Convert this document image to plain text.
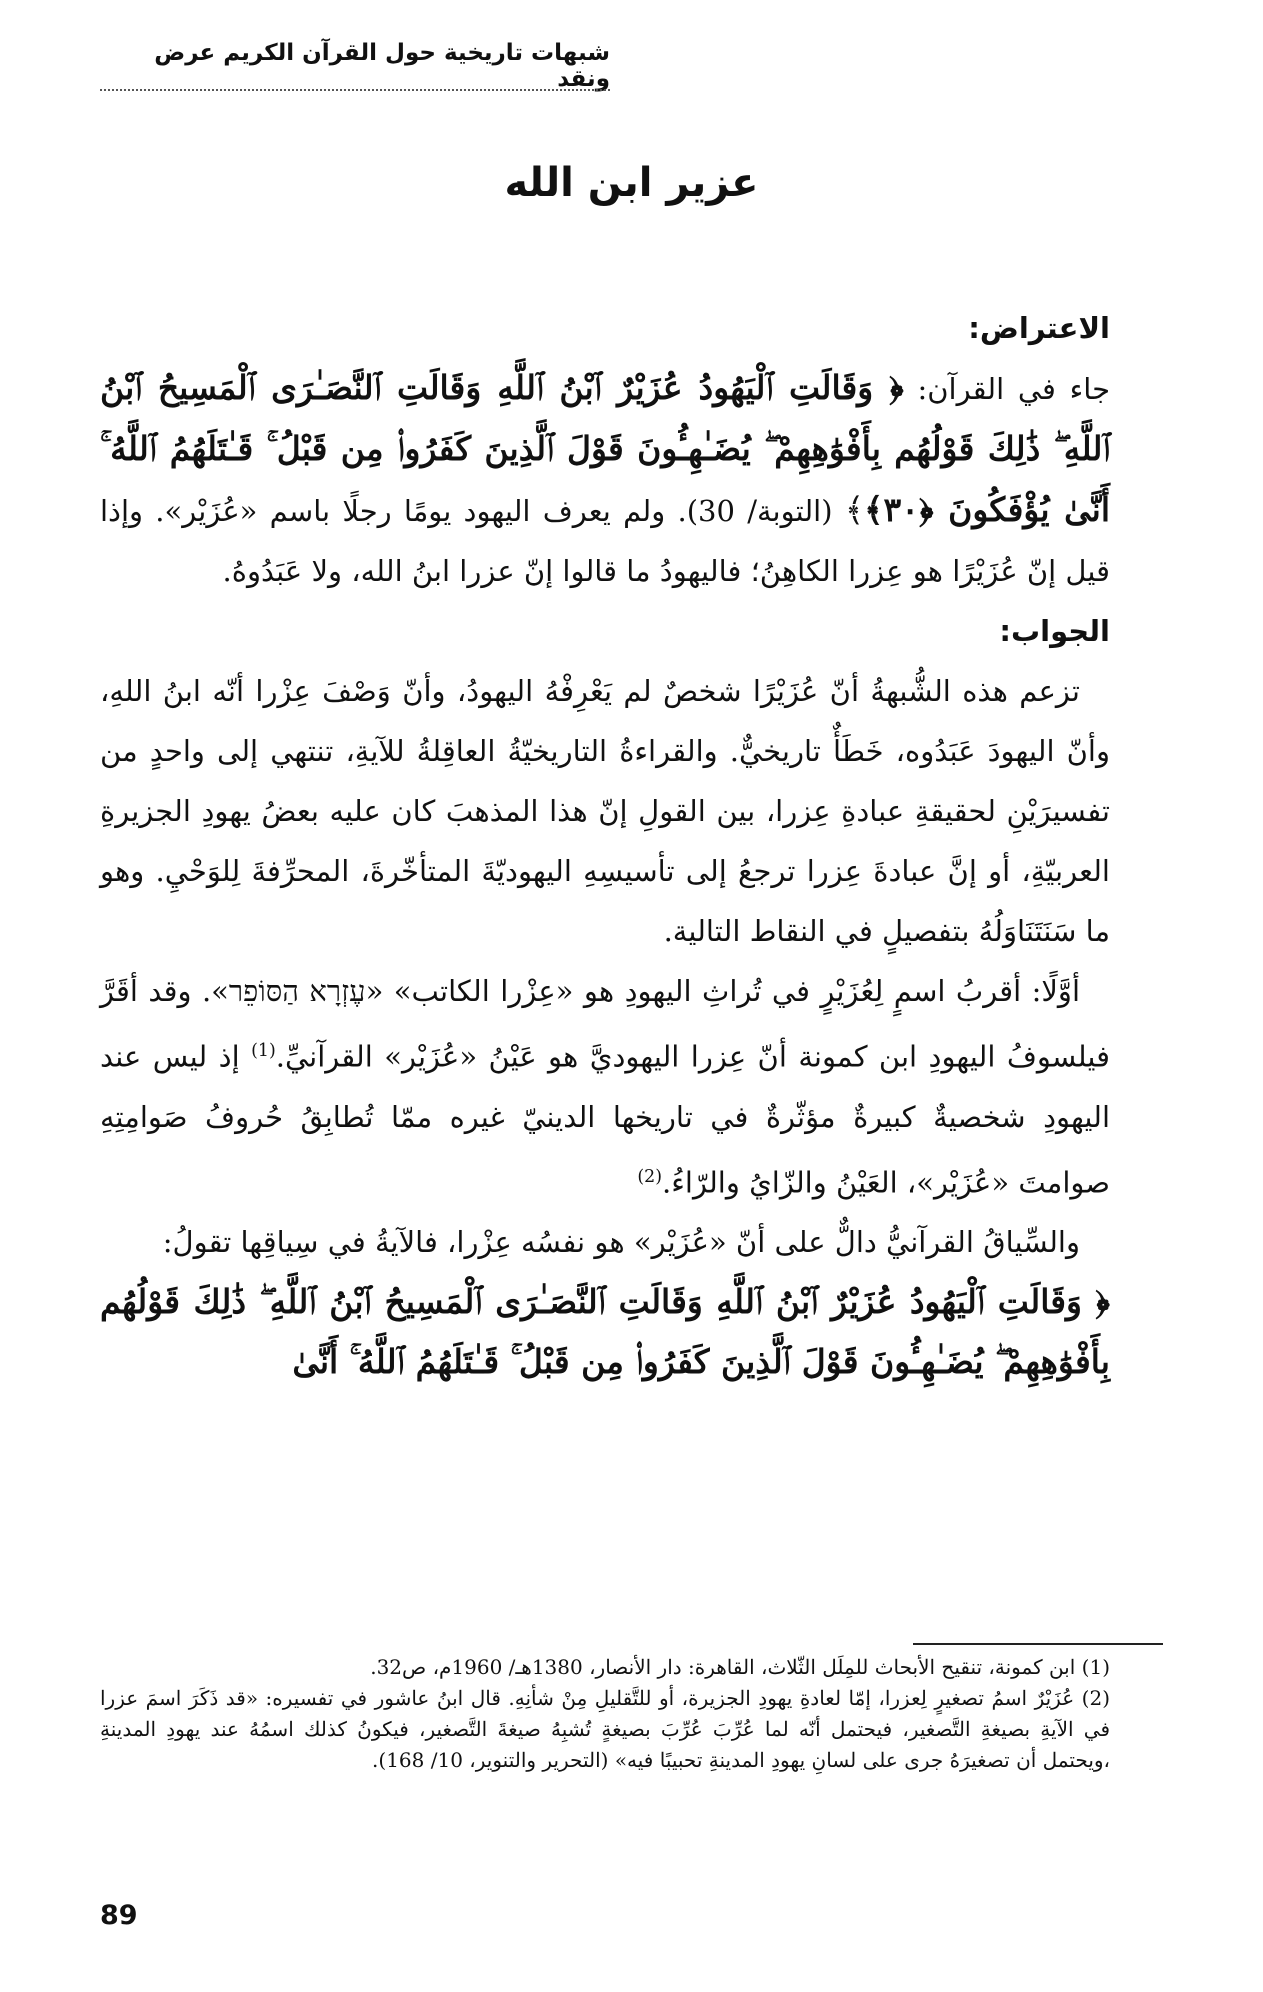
شبهات تاريخية حول القرآن الكريم عرض ونقد
عزير ابن الله

الاعتراض:

جاء في القرآن: ﴿ وَقَالَتِ ٱلْيَهُودُ عُزَيْرٌ ٱبْنُ ٱللَّهِ وَقَالَتِ ٱلنَّصَـٰرَى ٱلْمَسِيحُ ٱبْنُ ٱللَّهِ ۖ ذَٰلِكَ قَوْلُهُم بِأَفْوَٰهِهِمْ ۖ يُضَـٰهِـُٔونَ قَوْلَ ٱلَّذِينَ كَفَرُوا۟ مِن قَبْلُ ۚ قَـٰتَلَهُمُ ٱللَّهُ ۚ أَنَّىٰ يُؤْفَكُونَ ﴿٣٠﴾﴾ (التوبة/ 30). ولم يعرف اليهود يومًا رجلًا باسم «عُزَيْر». وإذا قيل إنّ عُزَيْرًا هو عِزرا الكاهِنُ؛ فاليهودُ ما قالوا إنّ عزرا ابنُ الله، ولا عَبَدُوهُ.

الجواب:

تزعم هذه الشُّبهةُ أنّ عُزَيْرًا شخصٌ لم يَعْرِفْهُ اليهودُ، وأنّ وَصْفَ عِزْرا أنّه ابنُ اللهِ، وأنّ اليهودَ عَبَدُوه، خَطَأٌ تاريخيٌّ. والقراءةُ التاريخيّةُ العاقِلةُ للآيةِ، تنتهي إلى واحدٍ من تفسيرَيْنِ لحقيقةِ عبادةِ عِزرا، بين القولِ إنّ هذا المذهبَ كان عليه بعضُ يهودِ الجزيرةِ العربيّةِ، أو إنَّ عبادةَ عِزرا ترجعُ إلى تأسيسِهِ اليهوديّةَ المتأخّرةَ، المحرِّفةَ لِلوَحْيِ. وهو ما سَنَتَنَاوَلُهُ بتفصيلٍ في النقاط التالية.

أوَّلًا: أقربُ اسمٍ لِعُزَيْرٍ في تُراثِ اليهودِ هو «عِزْرا الكاتب» «עֶזְרָא הַסּוֹפֵר». وقد أقَرَّ فيلسوفُ اليهودِ ابن كمونة أنّ عِزرا اليهوديَّ هو عَيْنُ «عُزَيْر» القرآنيِّ.$^{(1)}$ إذ ليس عند اليهودِ شخصيةٌ كبيرةٌ مؤثّرةٌ في تاريخها الدينيّ غيره ممّا تُطابِقُ حُروفُ صَوامِتِهِ صوامتَ «عُزَيْر»، العَيْنُ والزّايُ والرّاءُ.$^{(2)}$

والسِّياقُ القرآنيُّ دالٌّ على أنّ «عُزَيْر» هو نفسُه عِزْرا، فالآيةُ في سِياقِها تقولُ:

﴿ وَقَالَتِ ٱلْيَهُودُ عُزَيْرٌ ٱبْنُ ٱللَّهِ وَقَالَتِ ٱلنَّصَـٰرَى ٱلْمَسِيحُ ٱبْنُ ٱللَّهِ ۖ ذَٰلِكَ قَوْلُهُم بِأَفْوَٰهِهِمْ ۖ يُضَـٰهِـُٔونَ قَوْلَ ٱلَّذِينَ كَفَرُوا۟ مِن قَبْلُ ۚ قَـٰتَلَهُمُ ٱللَّهُ ۚ أَنَّىٰ

(1) ابن كمونة، تنقيح الأبحاث للمِلَل الثّلاث، القاهرة: دار الأنصار، 1380هـ/ 1960م، ص32.

(2) عُزَيْرٌ اسمُ تصغيرٍ لِعزرا، إمّا لعادةِ يهودِ الجزيرة، أو للتَّقليلِ مِنْ شأنِهِ. قال ابنُ عاشور في تفسيره: «قد ذَكَرَ اسمَ عزرا في الآيةِ بصيغةِ التَّصغير، فيحتمل أنّه لما عُرِّبَ عُرِّبَ بصيغةٍ تُشبِهُ صيغةَ التَّصغير، فيكونُ كذلك اسمُهُ عند يهودِ المدينةِ ،ويحتمل أن تصغيرَهُ جرى على لسانِ يهودِ المدينةِ تحبيبًا فيه» (التحرير والتنوير، 10/ 168).

89
